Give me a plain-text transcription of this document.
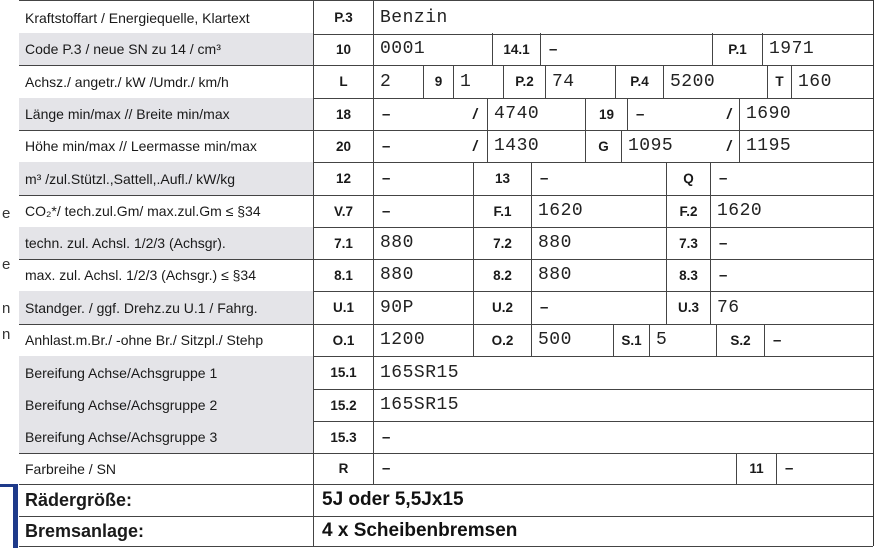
e
e
n
n
Kraftstoffart / Energiequelle, Klartext	P.3	Benzin
Code P.3 / neue SN zu 14 / cm³	10	0001	14.1	–	P.1	1971
Achsz./ angetr./ kW /Umdr./ km/h	L	2	9 1	P.2	74	P.4	5200	T 160
Länge min/max // Breite min/max	18	–	/ 4740	19	–	/ 1690
Höhe min/max // Leermasse min/max	20	–	/ 1430	G	1095	/ 1195
m³ /zul.Stützl.,Sattell,.Aufl./ kW/kg	12	–	13	–	Q	–
CO₂*/ tech.zul.Gm/ max.zul.Gm ≤ §34	V.7	–	F.1	1620	F.2	1620
techn. zul. Achsl. 1/2/3 (Achsgr).	7.1	880	7.2	880	7.3	–
max. zul. Achsl. 1/2/3 (Achsgr.) ≤ §34	8.1	880	8.2	880	8.3	–
Standger. / ggf. Drehz.zu U.1 / Fahrg.	U.1	90P	U.2	–	U.3	76
Anhlast.m.Br./ -ohne Br./ Sitzpl./ Stehp	O.1	1200	O.2	500	S.1 5	S.2	–
Bereifung Achse/Achsgruppe 1	15.1	165SR15
Bereifung Achse/Achsgruppe 2	15.2	165SR15
Bereifung Achse/Achsgruppe 3	15.3	–
Farbreihe / SN	R	–	11	–
Rädergröße:	5J oder 5,5Jx15
Bremsanlage:	4 x Scheibenbremsen
